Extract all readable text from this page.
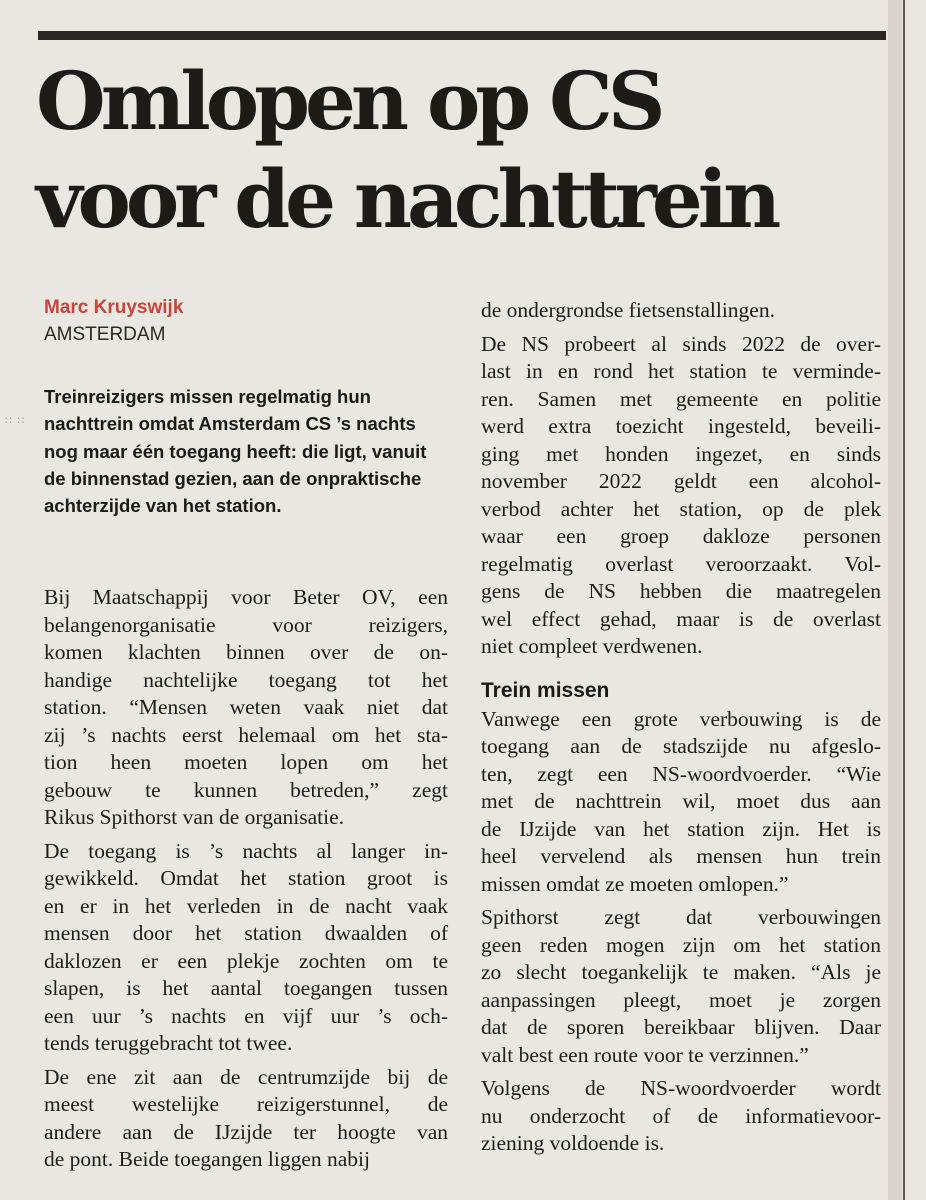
Omlopen op CS
voor de nachttrein
Marc Kruyswijk
AMSTERDAM
∷ ∷

Treinreizigers missen regelmatig hun nachttrein omdat Amsterdam CS ’s nachts nog maar één toegang heeft: die ligt, vanuit de binnenstad gezien, aan de onpraktische achterzijde van het station.

Bij Maatschappij voor Beter OV, een
belangenorganisatie voor reizigers,
komen klachten binnen over de on-
handige nachtelijke toegang tot het
station. “Mensen weten vaak niet dat
zij ’s nachts eerst helemaal om het sta-
tion heen moeten lopen om het
gebouw te kunnen betreden,” zegt
Rikus Spithorst van de organisatie.
De toegang is ’s nachts al langer in-
gewikkeld. Omdat het station groot is
en er in het verleden in de nacht vaak
mensen door het station dwaalden of
daklozen er een plekje zochten om te
slapen, is het aantal toegangen tussen
een uur ’s nachts en vijf uur ’s och-
tends teruggebracht tot twee.
De ene zit aan de centrumzijde bij de
meest westelijke reizigerstunnel, de
andere aan de IJzijde ter hoogte van
de pont. Beide toegangen liggen nabij
de ondergrondse fietsenstallingen.
De NS probeert al sinds 2022 de over-
last in en rond het station te verminde-
ren. Samen met gemeente en politie
werd extra toezicht ingesteld, beveili-
ging met honden ingezet, en sinds
november 2022 geldt een alcohol-
verbod achter het station, op de plek
waar een groep dakloze personen
regelmatig overlast veroorzaakt. Vol-
gens de NS hebben die maatregelen
wel effect gehad, maar is de overlast
niet compleet verdwenen.
Trein missen
Vanwege een grote verbouwing is de
toegang aan de stadszijde nu afgeslo-
ten, zegt een NS-woordvoerder. “Wie
met de nachttrein wil, moet dus aan
de IJzijde van het station zijn. Het is
heel vervelend als mensen hun trein
missen omdat ze moeten omlopen.”
Spithorst zegt dat verbouwingen
geen reden mogen zijn om het station
zo slecht toegankelijk te maken. “Als je
aanpassingen pleegt, moet je zorgen
dat de sporen bereikbaar blijven. Daar
valt best een route voor te verzinnen.”
Volgens de NS-woordvoerder wordt
nu onderzocht of de informatievoor-
ziening voldoende is.
